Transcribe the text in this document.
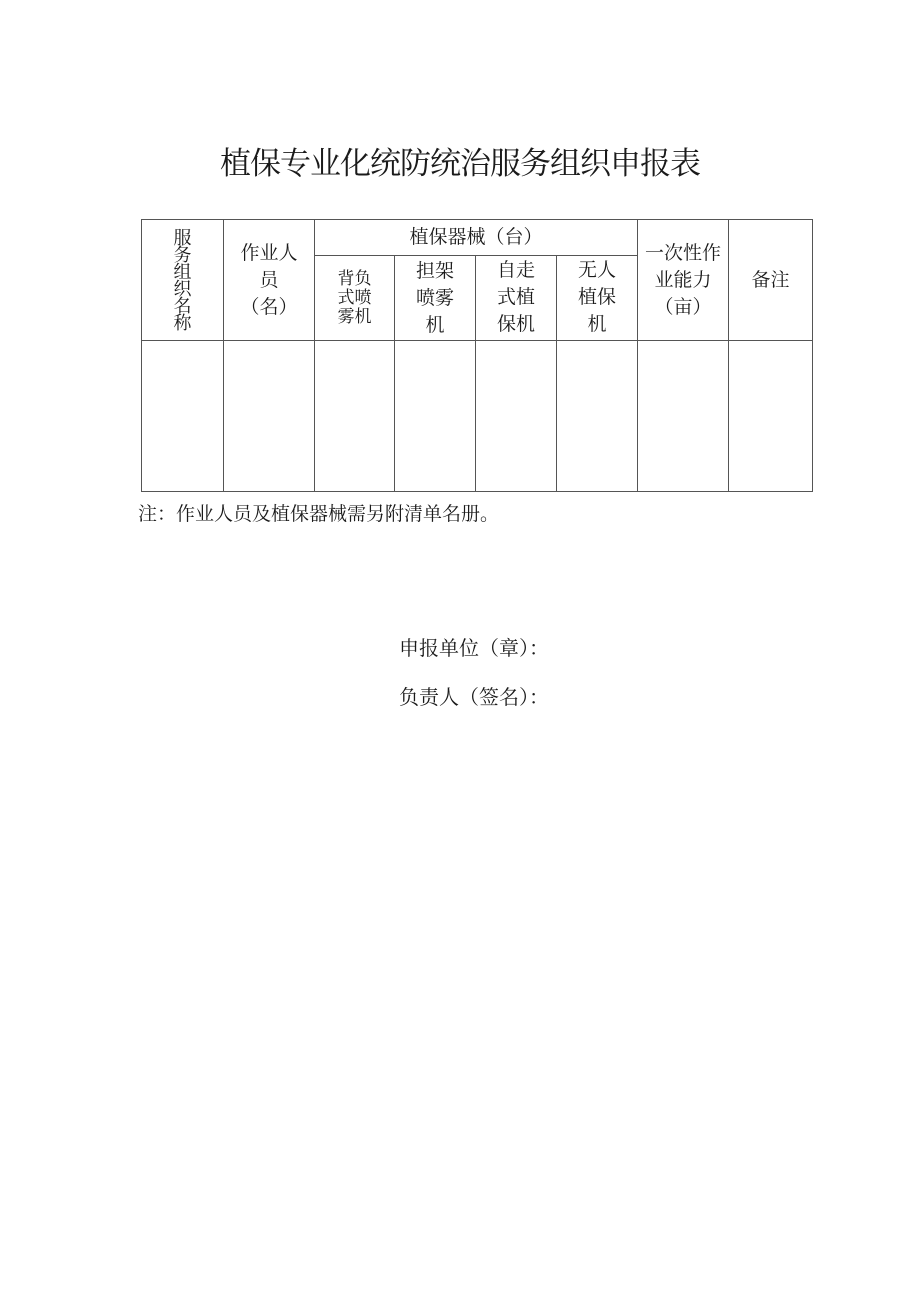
植保专业化统防统治服务组织申报表
服务组织名称	作业人员（名）	植保器械（台）				一次性作业能力（亩）	备注
		背负式喷雾机	担架喷雾机	自走式植保机	无人植保机		

注：作业人员及植保器械需另附清单名册。
申报单位（章）：
负责人（签名）：
